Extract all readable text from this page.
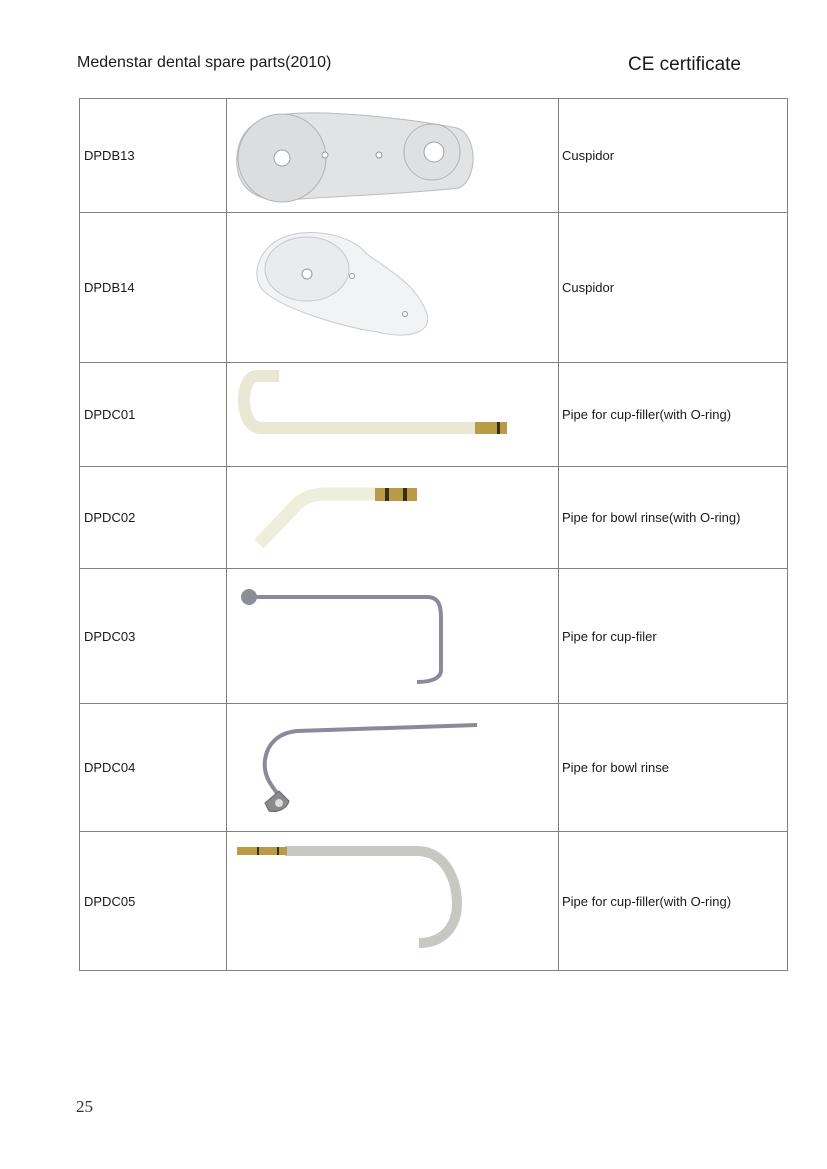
Medenstar dental spare parts(2010)	CE certificate
DPDB13		Cuspidor
DPDB14		Cuspidor
DPDC01		Pipe for cup-filler(with O-ring)
DPDC02		Pipe for bowl rinse(with O-ring)
DPDC03		Pipe for cup-filer
DPDC04		Pipe for bowl rinse
DPDC05		Pipe for cup-filler(with O-ring)
25
